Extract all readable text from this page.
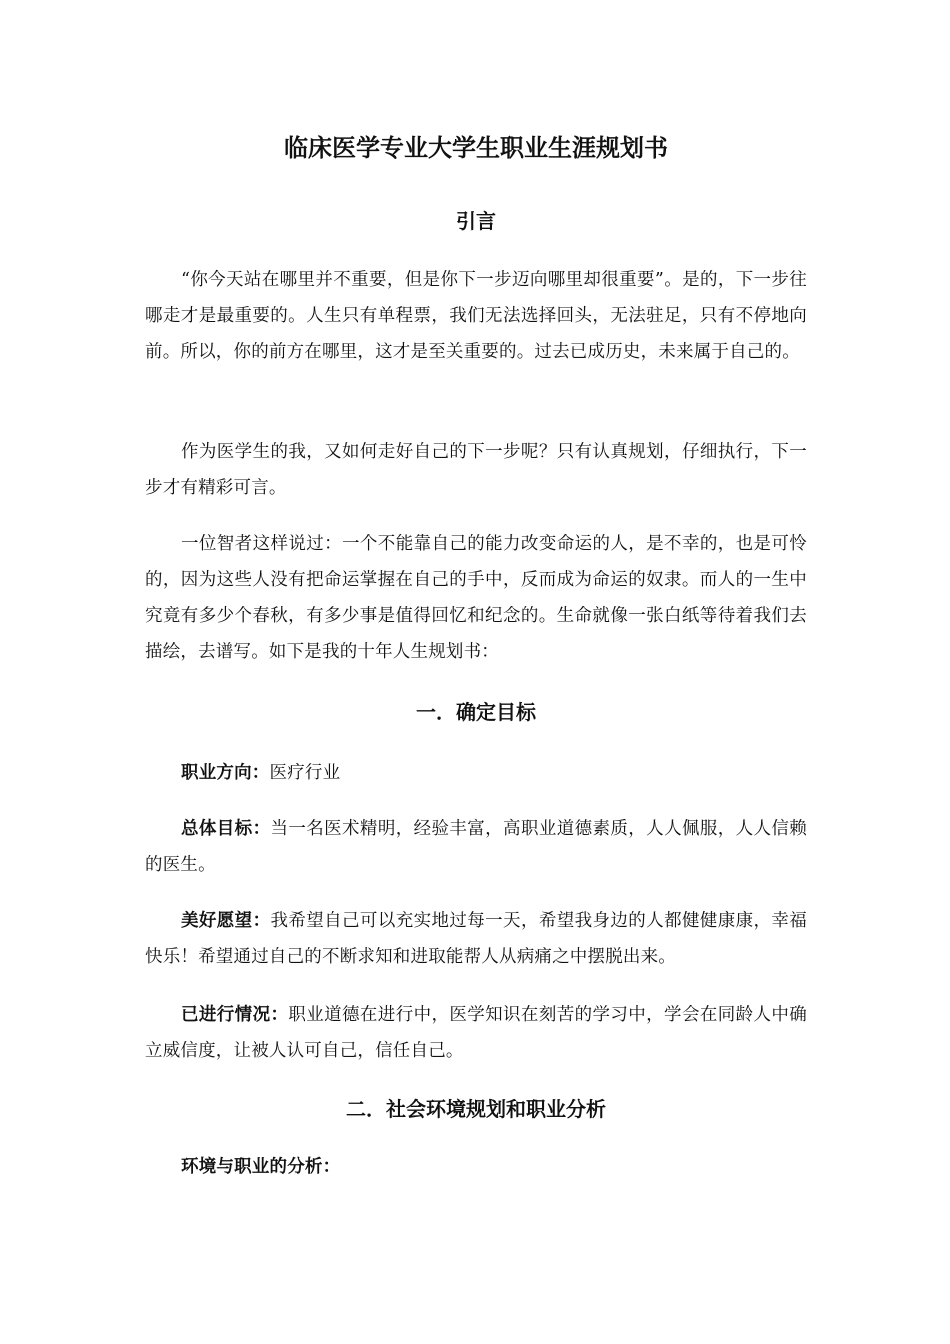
临床医学专业大学生职业生涯规划书
引言

“你今天站在哪里并不重要，但是你下一步迈向哪里却很重要”。是的，下一步往哪走才是最重要的。人生只有单程票，我们无法选择回头，无法驻足，只有不停地向前。所以，你的前方在哪里，这才是至关重要的。过去已成历史，未来属于自己的。

作为医学生的我，又如何走好自己的下一步呢？只有认真规划，仔细执行，下一步才有精彩可言。

一位智者这样说过：一个不能靠自己的能力改变命运的人，是不幸的，也是可怜的，因为这些人没有把命运掌握在自己的手中，反而成为命运的奴隶。而人的一生中究竟有多少个春秋，有多少事是值得回忆和纪念的。生命就像一张白纸等待着我们去描绘，去谱写。如下是我的十年人生规划书：

一．确定目标

职业方向：医疗行业

总体目标：当一名医术精明，经验丰富，高职业道德素质，人人佩服，人人信赖的医生。

美好愿望：我希望自己可以充实地过每一天，希望我身边的人都健健康康，幸福快乐！希望通过自己的不断求知和进取能帮人从病痛之中摆脱出来。

已进行情况：职业道德在进行中，医学知识在刻苦的学习中，学会在同龄人中确立威信度，让被人认可自己，信任自己。

二．社会环境规划和职业分析

环境与职业的分析：
